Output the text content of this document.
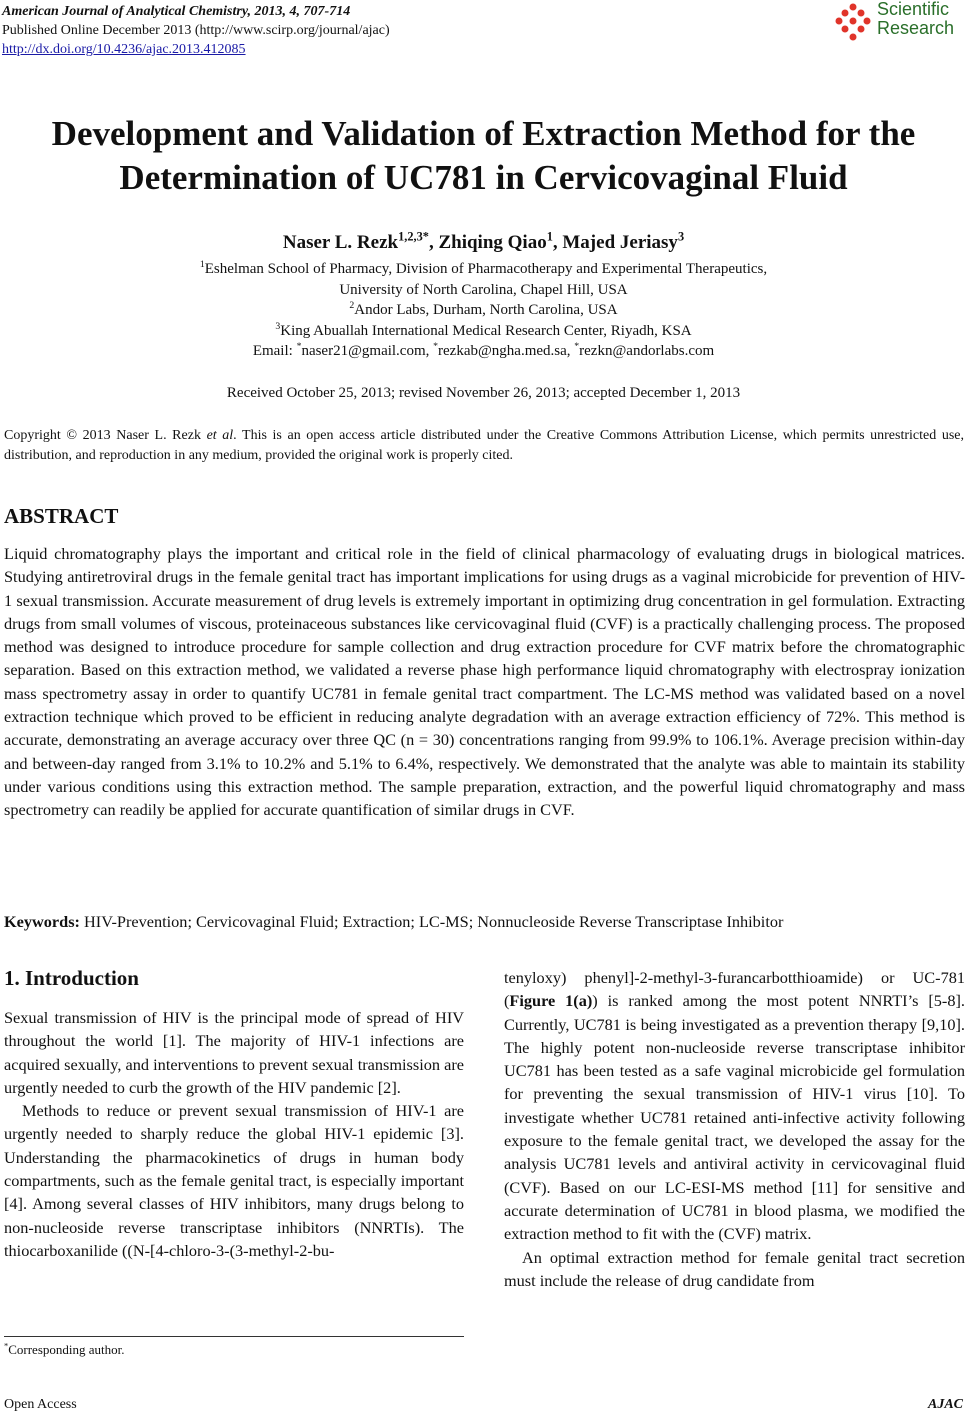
American Journal of Analytical Chemistry, 2013, 4, 707-714
Published Online December 2013 (http://www.scirp.org/journal/ajac)
http://dx.doi.org/10.4236/ajac.2013.412085
Scientific
Research
Development and Validation of Extraction Method for the
Determination of UC781 in Cervicovaginal Fluid
Naser L. Rezk$^{1,2,3*}$, Zhiqing Qiao$^1$, Majed Jeriasy$^3$
$^1$Eshelman School of Pharmacy, Division of Pharmacotherapy and Experimental Therapeutics,
University of North Carolina, Chapel Hill, USA
$^2$Andor Labs, Durham, North Carolina, USA
$^3$King Abuallah International Medical Research Center, Riyadh, KSA
Email: *naser21@gmail.com, *rezkab@ngha.med.sa, *rezkn@andorlabs.com
Received October 25, 2013; revised November 26, 2013; accepted December 1, 2013
Copyright © 2013 Naser L. Rezk et al. This is an open access article distributed under the Creative Commons Attribution License, which permits unrestricted use, distribution, and reproduction in any medium, provided the original work is properly cited.
ABSTRACT
Liquid chromatography plays the important and critical role in the field of clinical pharmacology of evaluating drugs in biological matrices. Studying antiretroviral drugs in the female genital tract has important implications for using drugs as a vaginal microbicide for prevention of HIV-1 sexual transmission. Accurate measurement of drug levels is extremely important in optimizing drug concentration in gel formulation. Extracting drugs from small volumes of viscous, proteinaceous substances like cervicovaginal fluid (CVF) is a practically challenging process. The proposed method was designed to introduce procedure for sample collection and drug extraction procedure for CVF matrix before the chromatographic separation. Based on this extraction method, we validated a reverse phase high performance liquid chromatography with electrospray ionization mass spectrometry assay in order to quantify UC781 in female genital tract compartment. The LC-MS method was validated based on a novel extraction technique which proved to be efficient in reducing analyte degradation with an average extraction efficiency of 72%. This method is accurate, demonstrating an average accuracy over three QC (n = 30) concentrations ranging from 99.9% to 106.1%. Average precision within-day and between-day ranged from 3.1% to 10.2% and 5.1% to 6.4%, respectively. We demonstrated that the analyte was able to maintain its stability under various conditions using this extraction method. The sample preparation, extraction, and the powerful liquid chromatography and mass spectrometry can readily be applied for accurate quantification of similar drugs in CVF.
Keywords: HIV-Prevention; Cervicovaginal Fluid; Extraction; LC-MS; Nonnucleoside Reverse Transcriptase Inhibitor
1. Introduction

Sexual transmission of HIV is the principal mode of spread of HIV throughout the world [1]. The majority of HIV-1 infections are acquired sexually, and interventions to prevent sexual transmission are urgently needed to curb the growth of the HIV pandemic [2].

Methods to reduce or prevent sexual transmission of HIV-1 are urgently needed to sharply reduce the global HIV-1 epidemic [3]. Understanding the pharmacokinetics of drugs in human body compartments, such as the female genital tract, is especially important [4]. Among several classes of HIV inhibitors, many drugs belong to non-nucleoside reverse transcriptase inhibitors (NNRTIs). The thiocarboxanilide ((N-[4-chloro-3-(3-methyl-2-bu-

tenyloxy) phenyl]-2-methyl-3-furancarbotthioamide) or UC-781 (Figure 1(a)) is ranked among the most potent NNRTI’s [5-8]. Currently, UC781 is being investigated as a prevention therapy [9,10]. The highly potent non-nucleoside reverse transcriptase inhibitor UC781 has been tested as a safe vaginal microbicide gel formulation for preventing the sexual transmission of HIV-1 virus [10]. To investigate whether UC781 retained anti-infective activity following exposure to the female genital tract, we developed the assay for the analysis UC781 levels and antiviral activity in cervicovaginal fluid (CVF). Based on our LC-ESI-MS method [11] for sensitive and accurate determination of UC781 in blood plasma, we modified the extraction method to fit with the (CVF) matrix.

An optimal extraction method for female genital tract secretion must include the release of drug candidate from

*Corresponding author.
Open Access	AJAC
